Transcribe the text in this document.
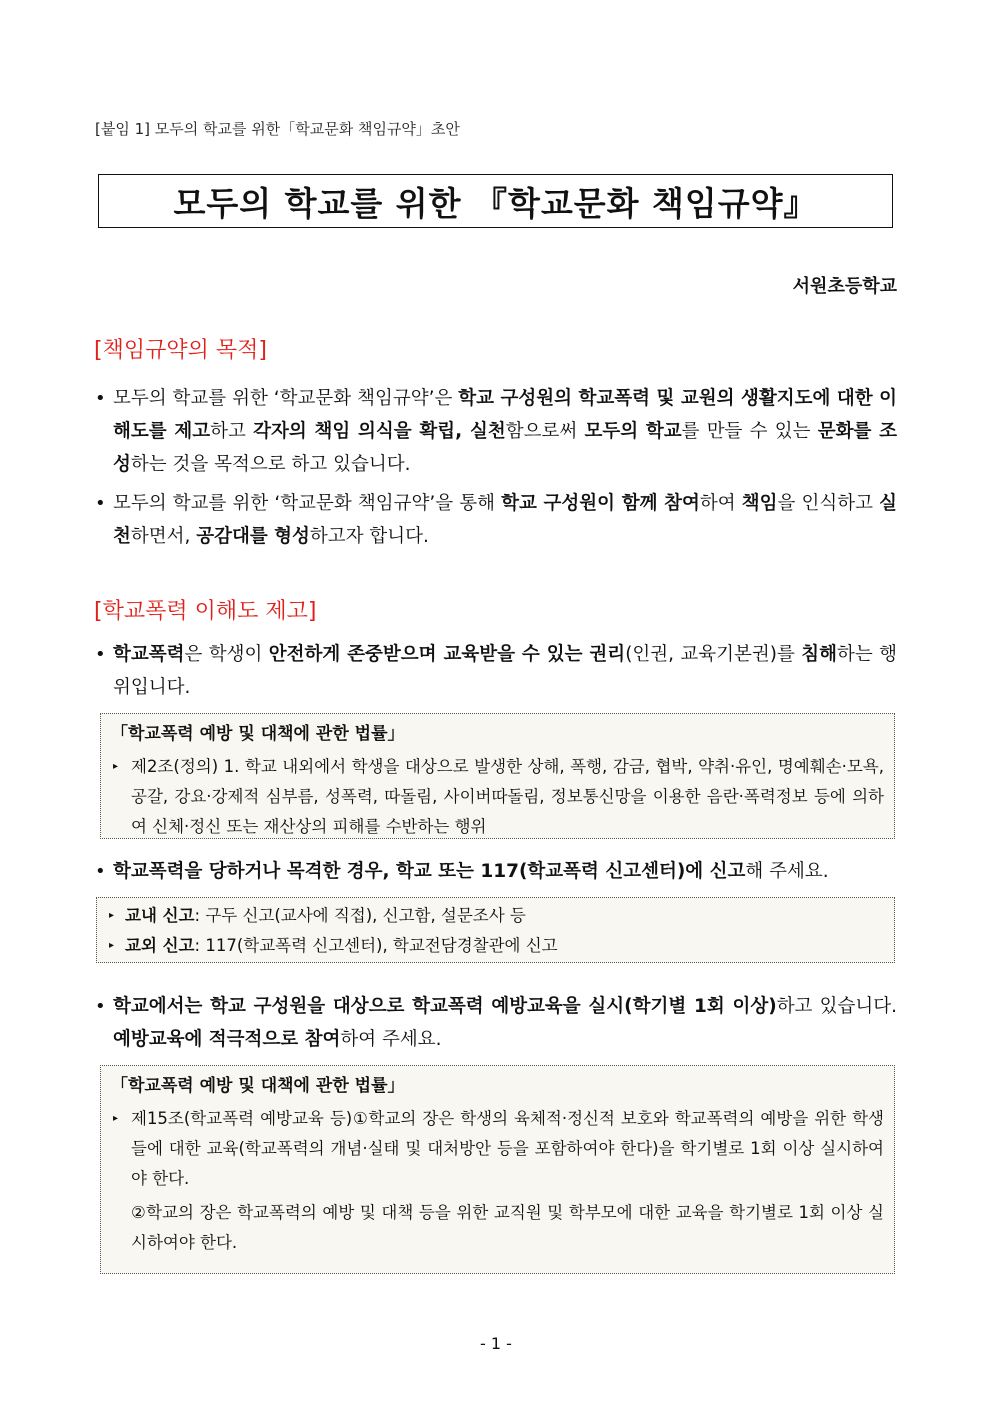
[붙임 1] 모두의 학교를 위한「학교문화 책임규약」초안
모두의 학교를 위한 『학교문화 책임규약』
서원초등학교
[책임규약의 목적]
• 모두의 학교를 위한 ‘학교문화 책임규약’은 학교 구성원의 학교폭력 및 교원의 생활지도에 대한 이해도를 제고하고 각자의 책임 의식을 확립, 실천함으로써 모두의 학교를 만들 수 있는 문화를 조성하는 것을 목적으로 하고 있습니다.
• 모두의 학교를 위한 ‘학교문화 책임규약’을 통해 학교 구성원이 함께 참여하여 책임을 인식하고 실천하면서, 공감대를 형성하고자 합니다.
[학교폭력 이해도 제고]
• 학교폭력은 학생이 안전하게 존중받으며 교육받을 수 있는 권리(인권, 교육기본권)를 침해하는 행위입니다.
「학교폭력 예방 및 대책에 관한 법률」
▸ 제2조(정의) 1. 학교 내외에서 학생을 대상으로 발생한 상해, 폭행, 감금, 협박, 약취·유인, 명예훼손·모욕, 공갈, 강요·강제적 심부름, 성폭력, 따돌림, 사이버따돌림, 정보통신망을 이용한 음란·폭력정보 등에 의하여 신체·정신 또는 재산상의 피해를 수반하는 행위
• 학교폭력을 당하거나 목격한 경우, 학교 또는 117(학교폭력 신고센터)에 신고해 주세요.
▸ 교내 신고: 구두 신고(교사에 직접), 신고함, 설문조사 등
▸ 교외 신고: 117(학교폭력 신고센터), 학교전담경찰관에 신고
• 학교에서는 학교 구성원을 대상으로 학교폭력 예방교육을 실시(학기별 1회 이상)하고 있습니다. 예방교육에 적극적으로 참여하여 주세요.
「학교폭력 예방 및 대책에 관한 법률」
▸ 제15조(학교폭력 예방교육 등)①학교의 장은 학생의 육체적·정신적 보호와 학교폭력의 예방을 위한 학생들에 대한 교육(학교폭력의 개념·실태 및 대처방안 등을 포함하여야 한다)을 학기별로 1회 이상 실시하여야 한다.
②학교의 장은 학교폭력의 예방 및 대책 등을 위한 교직원 및 학부모에 대한 교육을 학기별로 1회 이상 실시하여야 한다.
- 1 -
